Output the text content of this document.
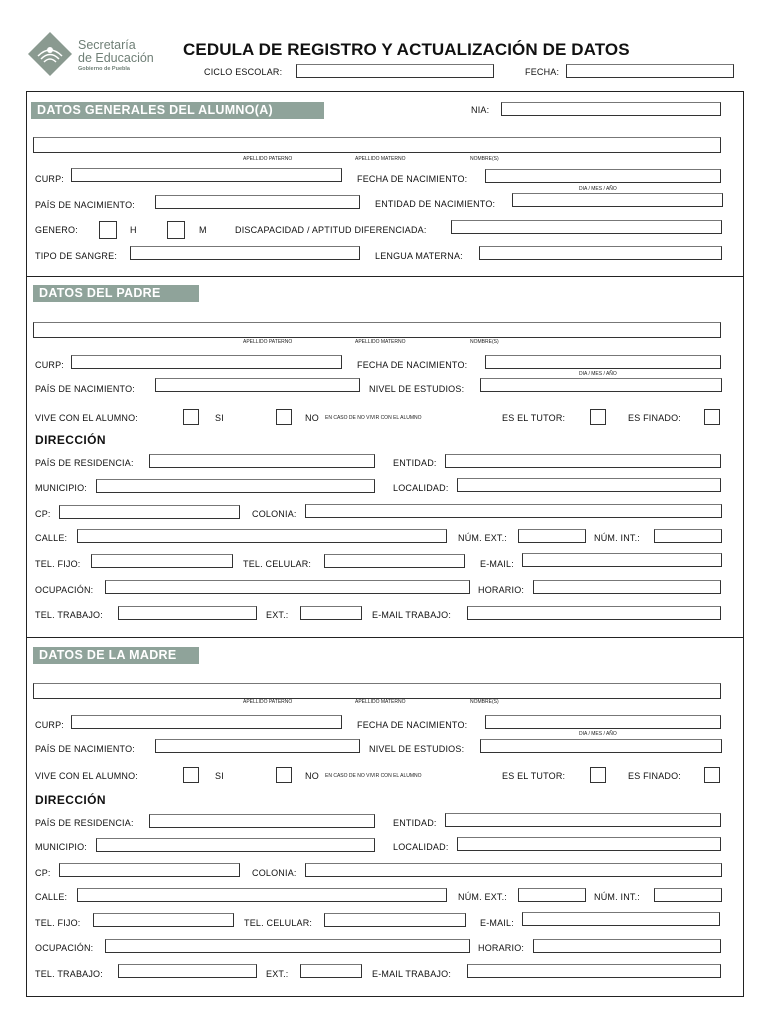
Secretaría
de Educación
Gobierno de Puebla
CEDULA DE REGISTRO Y ACTUALIZACIÓN DE DATOS
CICLO ESCOLAR:	FECHA:
DATOS GENERALES DEL ALUMNO(A)	NIA:
APELLIDO PATERNO	APELLIDO MATERNO	NOMBRE(S)
CURP:	FECHA DE NACIMIENTO:
DIA / MES / AÑO
PAÍS DE NACIMIENTO:	ENTIDAD DE NACIMIENTO:
GENERO:	H	M	DISCAPACIDAD / APTITUD DIFERENCIADA:
TIPO DE SANGRE:	LENGUA MATERNA:
DATOS DEL PADRE
APELLIDO PATERNO	APELLIDO MATERNO	NOMBRE(S)
CURP:	FECHA DE NACIMIENTO:
DIA / MES / AÑO
PAÍS DE NACIMIENTO:	NIVEL DE ESTUDIOS:
VIVE CON EL ALUMNO:	SI	NO EN CASO DE NO VIVIR CON EL ALUMNO	ES EL TUTOR:	ES FINADO:
DIRECCIÓN
PAÍS DE RESIDENCIA:	ENTIDAD:
MUNICIPIO:	LOCALIDAD:
CP:	COLONIA:
CALLE:	NÚM. EXT.:	NÚM. INT.:
TEL. FIJO:	TEL. CELULAR:	E-MAIL:
OCUPACIÓN:	HORARIO:
TEL. TRABAJO:	EXT.:	E-MAIL TRABAJO:
DATOS DE LA MADRE
APELLIDO PATERNO	APELLIDO MATERNO	NOMBRE(S)
CURP:	FECHA DE NACIMIENTO:
DIA / MES / AÑO
PAÍS DE NACIMIENTO:	NIVEL DE ESTUDIOS:
VIVE CON EL ALUMNO:	SI	NO EN CASO DE NO VIVIR CON EL ALUMNO	ES EL TUTOR:	ES FINADO:
DIRECCIÓN
PAÍS DE RESIDENCIA:	ENTIDAD:
MUNICIPIO:	LOCALIDAD:
CP:	COLONIA:
CALLE:	NÚM. EXT.:	NÚM. INT.:
TEL. FIJO:	TEL. CELULAR:	E-MAIL:
OCUPACIÓN:	HORARIO:
TEL. TRABAJO:	EXT.:	E-MAIL TRABAJO:
